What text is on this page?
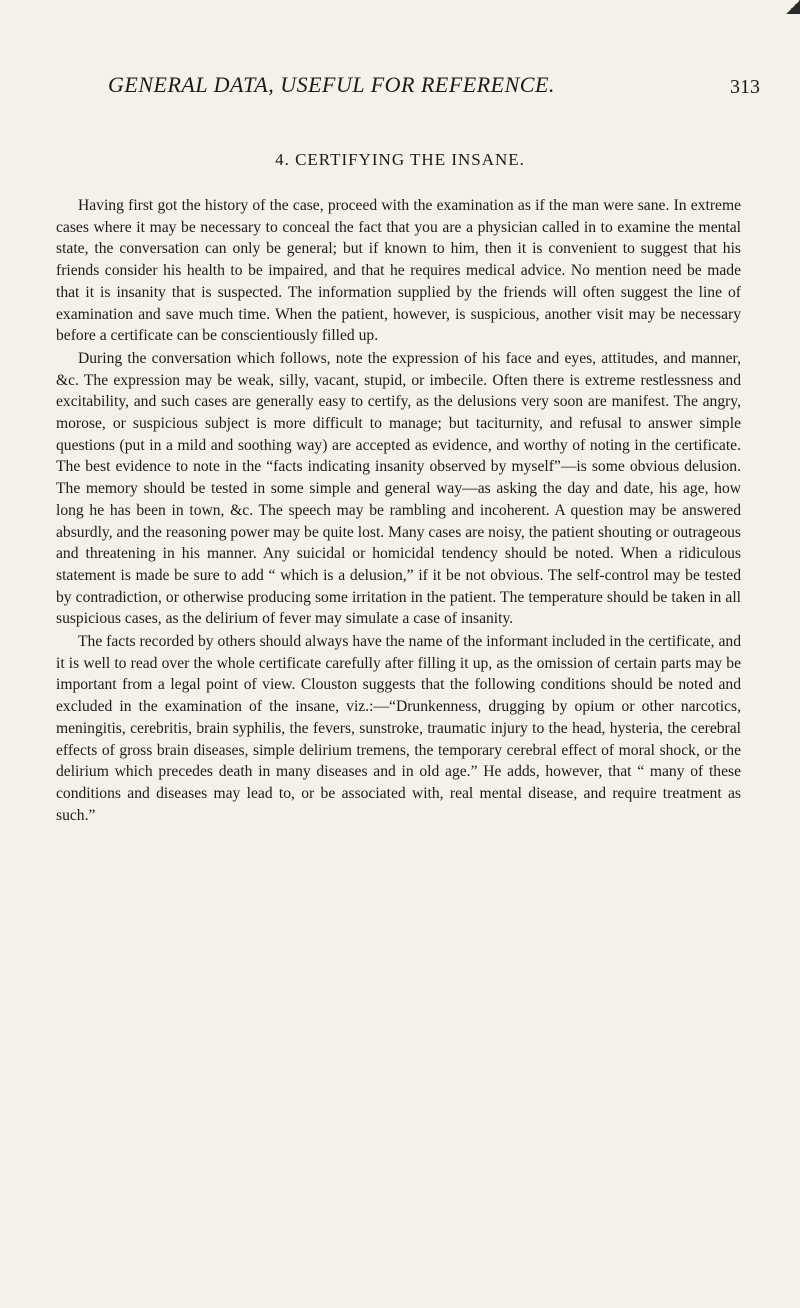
GENERAL DATA, USEFUL FOR REFERENCE.	313
4. CERTIFYING THE INSANE.

Having first got the history of the case, proceed with the examination as if the man were sane. In extreme cases where it may be necessary to conceal the fact that you are a physician called in to examine the mental state, the conversation can only be general; but if known to him, then it is convenient to suggest that his friends consider his health to be impaired, and that he requires medical advice. No mention need be made that it is insanity that is suspected. The information supplied by the friends will often suggest the line of examination and save much time. When the patient, however, is suspicious, another visit may be necessary before a certificate can be conscientiously filled up.

During the conversation which follows, note the expression of his face and eyes, attitudes, and manner, &c. The expression may be weak, silly, vacant, stupid, or imbecile. Often there is extreme restlessness and excitability, and such cases are generally easy to certify, as the delusions very soon are manifest. The angry, morose, or suspicious subject is more difficult to manage; but taciturnity, and refusal to answer simple questions (put in a mild and soothing way) are accepted as evidence, and worthy of noting in the certificate. The best evidence to note in the “facts indicating insanity observed by myself”—is some obvious delusion. The memory should be tested in some simple and general way—as asking the day and date, his age, how long he has been in town, &c. The speech may be rambling and incoherent. A question may be answered absurdly, and the reasoning power may be quite lost. Many cases are noisy, the patient shouting or outrageous and threatening in his manner. Any suicidal or homicidal tendency should be noted. When a ridiculous statement is made be sure to add “ which is a delusion,” if it be not obvious. The self-control may be tested by contradiction, or otherwise producing some irritation in the patient. The temperature should be taken in all suspicious cases, as the delirium of fever may simulate a case of insanity.

The facts recorded by others should always have the name of the informant included in the certificate, and it is well to read over the whole certificate carefully after filling it up, as the omission of certain parts may be important from a legal point of view. Clouston suggests that the following conditions should be noted and excluded in the examination of the insane, viz.:—“Drunkenness, drugging by opium or other narcotics, meningitis, cerebritis, brain syphilis, the fevers, sunstroke, traumatic injury to the head, hysteria, the cerebral effects of gross brain diseases, simple delirium tremens, the temporary cerebral effect of moral shock, or the delirium which precedes death in many diseases and in old age.” He adds, however, that “ many of these conditions and diseases may lead to, or be associated with, real mental disease, and require treatment as such.”
